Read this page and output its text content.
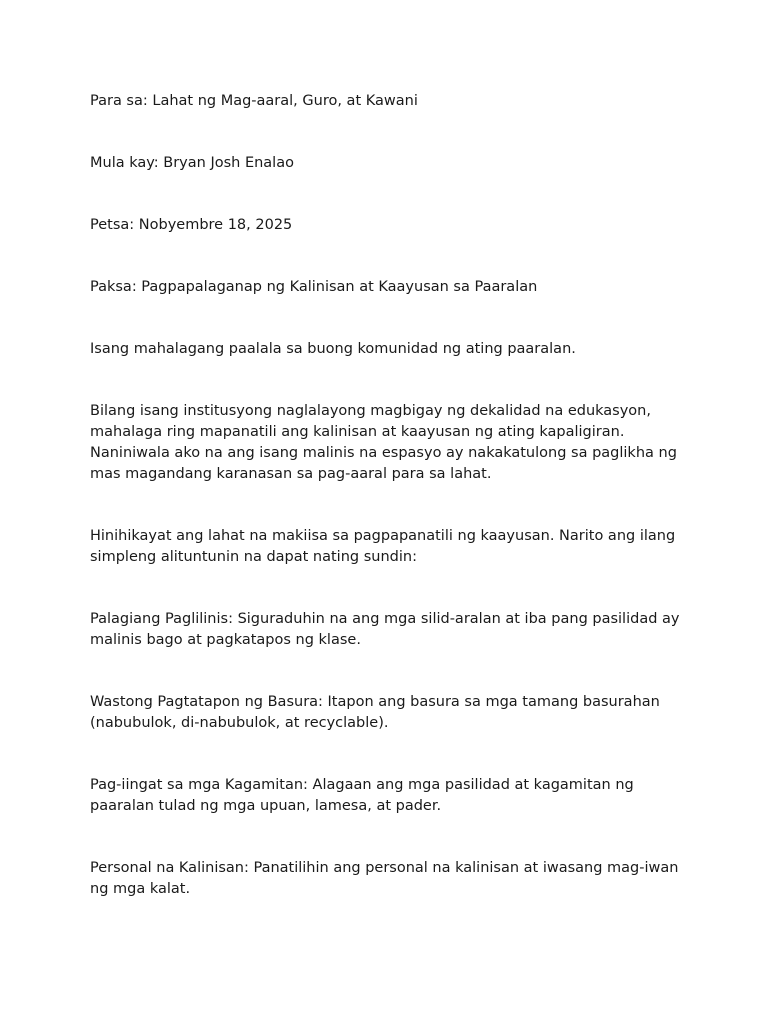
Para sa: Lahat ng Mag-aaral, Guro, at Kawani

Mula kay: Bryan Josh Enalao

Petsa: Nobyembre 18, 2025

Paksa: Pagpapalaganap ng Kalinisan at Kaayusan sa Paaralan

Isang mahalagang paalala sa buong komunidad ng ating paaralan.

Bilang isang institusyong naglalayong magbigay ng dekalidad na edukasyon, mahalaga ring mapanatili ang kalinisan at kaayusan ng ating kapaligiran. Naniniwala ako na ang isang malinis na espasyo ay nakakatulong sa paglikha ng mas magandang karanasan sa pag-aaral para sa lahat.

Hinihikayat ang lahat na makiisa sa pagpapanatili ng kaayusan. Narito ang ilang simpleng alituntunin na dapat nating sundin:

Palagiang Paglilinis: Siguraduhin na ang mga silid-aralan at iba pang pasilidad ay malinis bago at pagkatapos ng klase.

Wastong Pagtatapon ng Basura: Itapon ang basura sa mga tamang basurahan (nabubulok, di-nabubulok, at recyclable).

Pag-iingat sa mga Kagamitan: Alagaan ang mga pasilidad at kagamitan ng paaralan tulad ng mga upuan, lamesa, at pader.

Personal na Kalinisan: Panatilihin ang personal na kalinisan at iwasang mag-iwan ng mga kalat.
